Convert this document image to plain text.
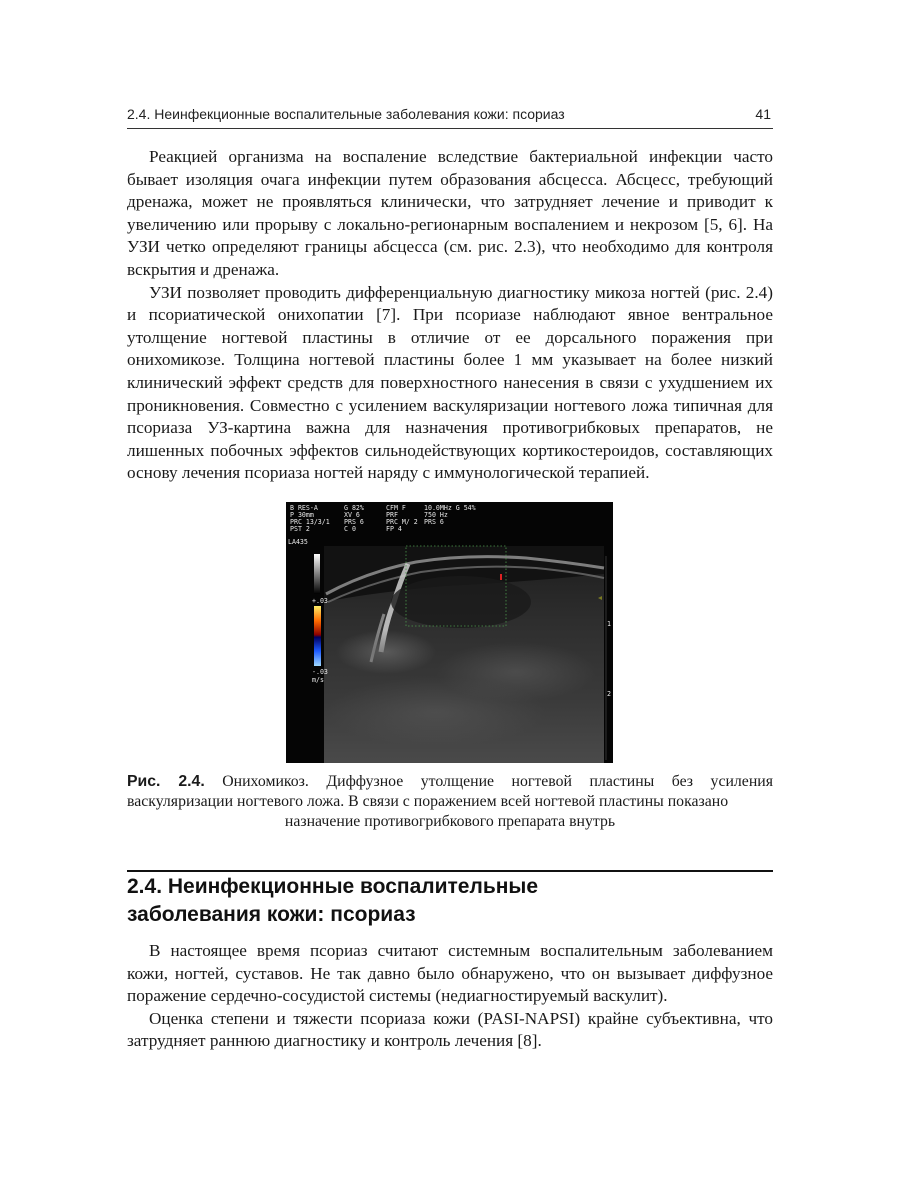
2.4. Неинфекционные воспалительные заболевания кожи: псориаз	41

Реакцией организма на воспаление вследствие бактериальной инфекции часто бывает изоляция очага инфекции путем образования абсцесса. Абсцесс, требующий дренажа, может не проявляться клинически, что затрудняет лечение и приводит к увеличению или прорыву с локально-регионарным воспалением и некрозом [5, 6]. На УЗИ четко определяют границы абсцесса (см. рис. 2.3), что необходимо для контроля вскрытия и дренажа.

УЗИ позволяет проводить дифференциальную диагностику микоза ногтей (рис. 2.4) и псориатической онихопатии [7]. При псориазе наблюдают явное вентральное утолщение ногтевой пластины в отличие от ее дорсального поражения при онихомикозе. Толщина ногтевой пластины более 1 мм указывает на более низкий клинический эффект средств для поверхностного нанесения в связи с ухудшением их проникновения. Совместно с усилением васкуляризации ногтевого ложа типичная для псориаза УЗ-картина важна для назначения противогрибковых препаратов, не лишенных побочных эффектов сильнодействующих кортикостероидов, составляющих основу лечения псориаза ногтей наряду с иммунологической терапией.

B RES-A
P 30mm
PRC 13/3/1
PST 2
G 82%
XV 6
PRS 6
C 0
CFM F
PRF
PRC M/ 2
FP 4
10.0MHz G 54%
750 Hz
PRS 6
LA435
+.03
-.03
m/s
1
2
Рис. 2.4. Онихомикоз. Диффузное утолщение ногтевой пластины без усиления васкуляризации ногтевого ложа. В связи с поражением всей ногтевой пластины показано
назначение противогрибкового препарата внутрь
2.4. Неинфекционные воспалительные
заболевания кожи: псориаз

В настоящее время псориаз считают системным воспалительным заболеванием кожи, ногтей, суставов. Не так давно было обнаружено, что он вызывает диффузное поражение сердечно-сосудистой системы (недиагностируемый васкулит).

Оценка степени и тяжести псориаза кожи (PASI-NAPSI) крайне субъективна, что затрудняет раннюю диагностику и контроль лечения [8].
